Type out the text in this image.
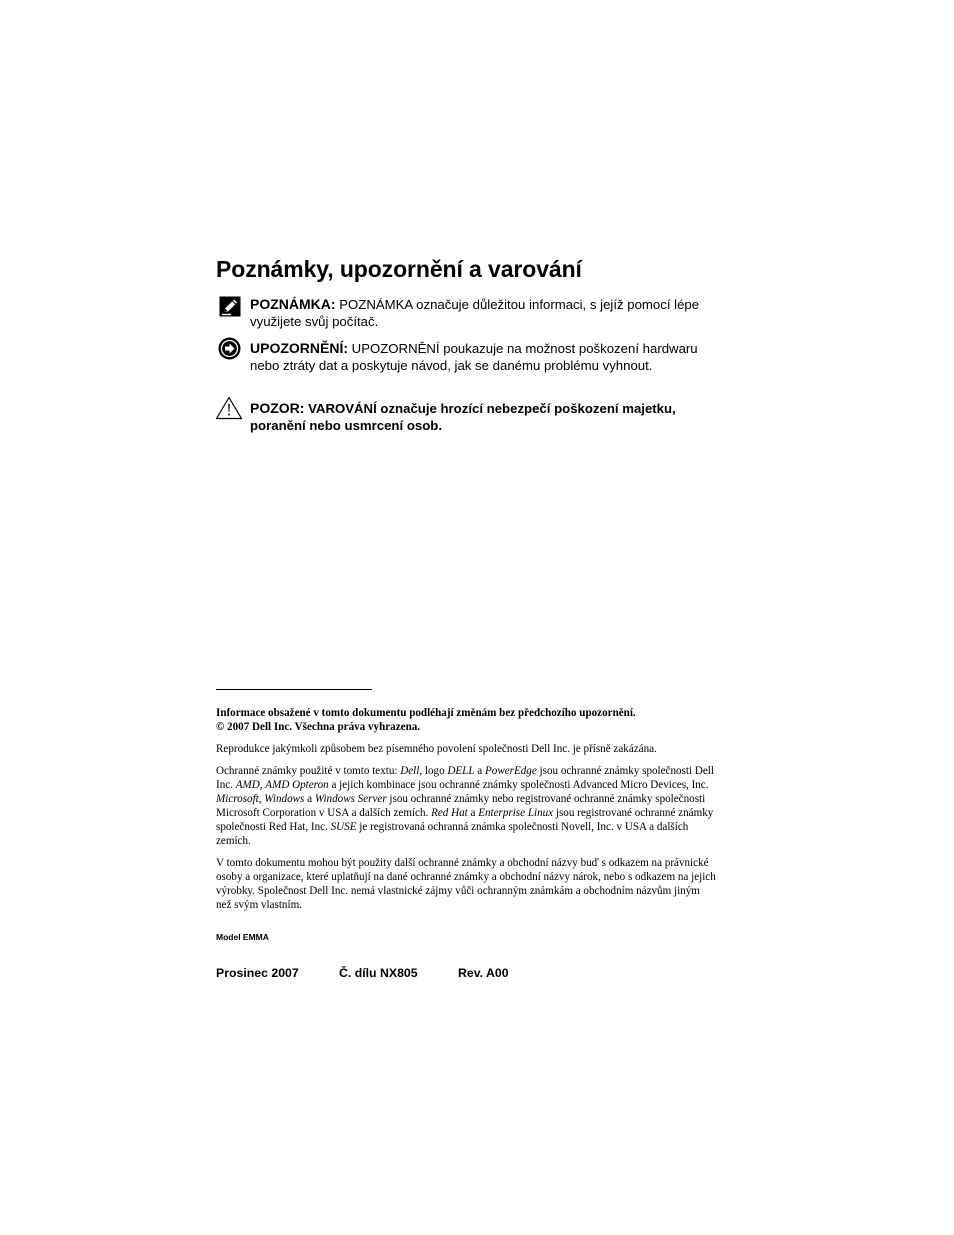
Poznámky, upozornění a varování

POZNÁMKA: POZNÁMKA označuje důležitou informaci, s jejíž pomocí lépe využijete svůj počítač.

UPOZORNĚNÍ: UPOZORNĚNÍ poukazuje na možnost poškození hardwaru nebo ztráty dat a poskytuje návod, jak se danému problému vyhnout.

POZOR: VAROVÁNÍ označuje hrozící nebezpečí poškození majetku, poranění nebo usmrcení osob.

Informace obsažené v tomto dokumentu podléhají změnám bez předchozího upozornění.

© 2007 Dell Inc. Všechna práva vyhrazena.

Reprodukce jakýmkoli způsobem bez písemného povolení společnosti Dell Inc. je přísně zakázána.

Ochranné známky použité v tomto textu: Dell, logo DELL a PowerEdge jsou ochranné známky společnosti Dell Inc. AMD, AMD Opteron a jejich kombinace jsou ochranné známky společnosti Advanced Micro Devices, Inc. Microsoft, Windows a Windows Server jsou ochranné známky nebo registrované ochranné známky společnosti Microsoft Corporation v USA a dalších zemích. Red Hat a Enterprise Linux jsou registrované ochranné známky společnosti Red Hat, Inc. SUSE je registrovaná ochranná známka společnosti Novell, Inc. v USA a dalších zemích.

V tomto dokumentu mohou být použity další ochranné známky a obchodní názvy buď s odkazem na právnické osoby a organizace, které uplatňují na dané ochranné známky a obchodní názvy nárok, nebo s odkazem na jejich výrobky. Společnost Dell Inc. nemá vlastnické zájmy vůči ochranným známkám a obchodním názvům jiným než svým vlastním.

Model EMMA

Prosinec 2007	Č. dílu NX805	Rev. A00
